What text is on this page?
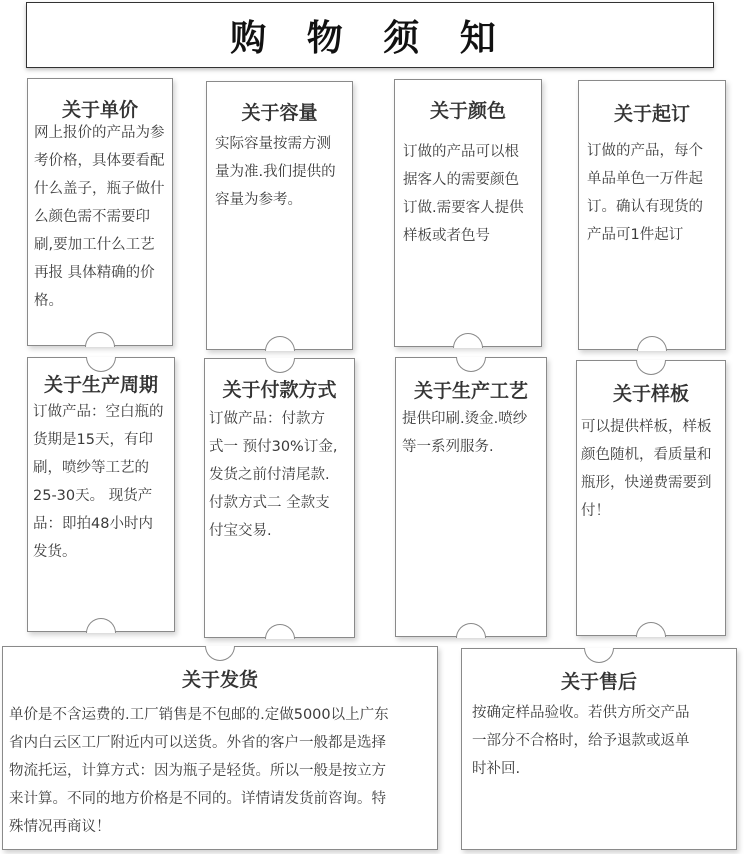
购 物 须 知
关于单价
网上报价的产品为参
考价格，具体要看配
什么盖子，瓶子做什
么颜色需不需要印
刷,要加工什么工艺
再报 具体精确的价
格。
关于容量
实际容量按需方测
量为准.我们提供的
容量为参考。
关于颜色
订做的产品可以根
据客人的需要颜色
订做.需要客人提供
样板或者色号
关于起订
订做的产品，每个
单品单色一万件起
订。确认有现货的
产品可1件起订
关于生产周期
订做产品：空白瓶的
货期是15天，有印
刷，喷纱等工艺的
25-30天。 现货产
品：即拍48小时内
发货。
关于付款方式
订做产品：付款方
式一 预付30%订金,
发货之前付清尾款.
付款方式二 全款支
付宝交易.
关于生产工艺
提供印刷.烫金.喷纱
等一系列服务.
关于样板
可以提供样板，样板
颜色随机，看质量和
瓶形，快递费需要到
付！
关于发货
单价是不含运费的.工厂销售是不包邮的.定做5000以上广东
省内白云区工厂附近内可以送货。外省的客户一般都是选择
物流托运，计算方式：因为瓶子是轻货。所以一般是按立方
来计算。不同的地方价格是不同的。详情请发货前咨询。特
殊情况再商议！
关于售后
按确定样品验收。若供方所交产品
一部分不合格时，给予退款或返单
时补回.
